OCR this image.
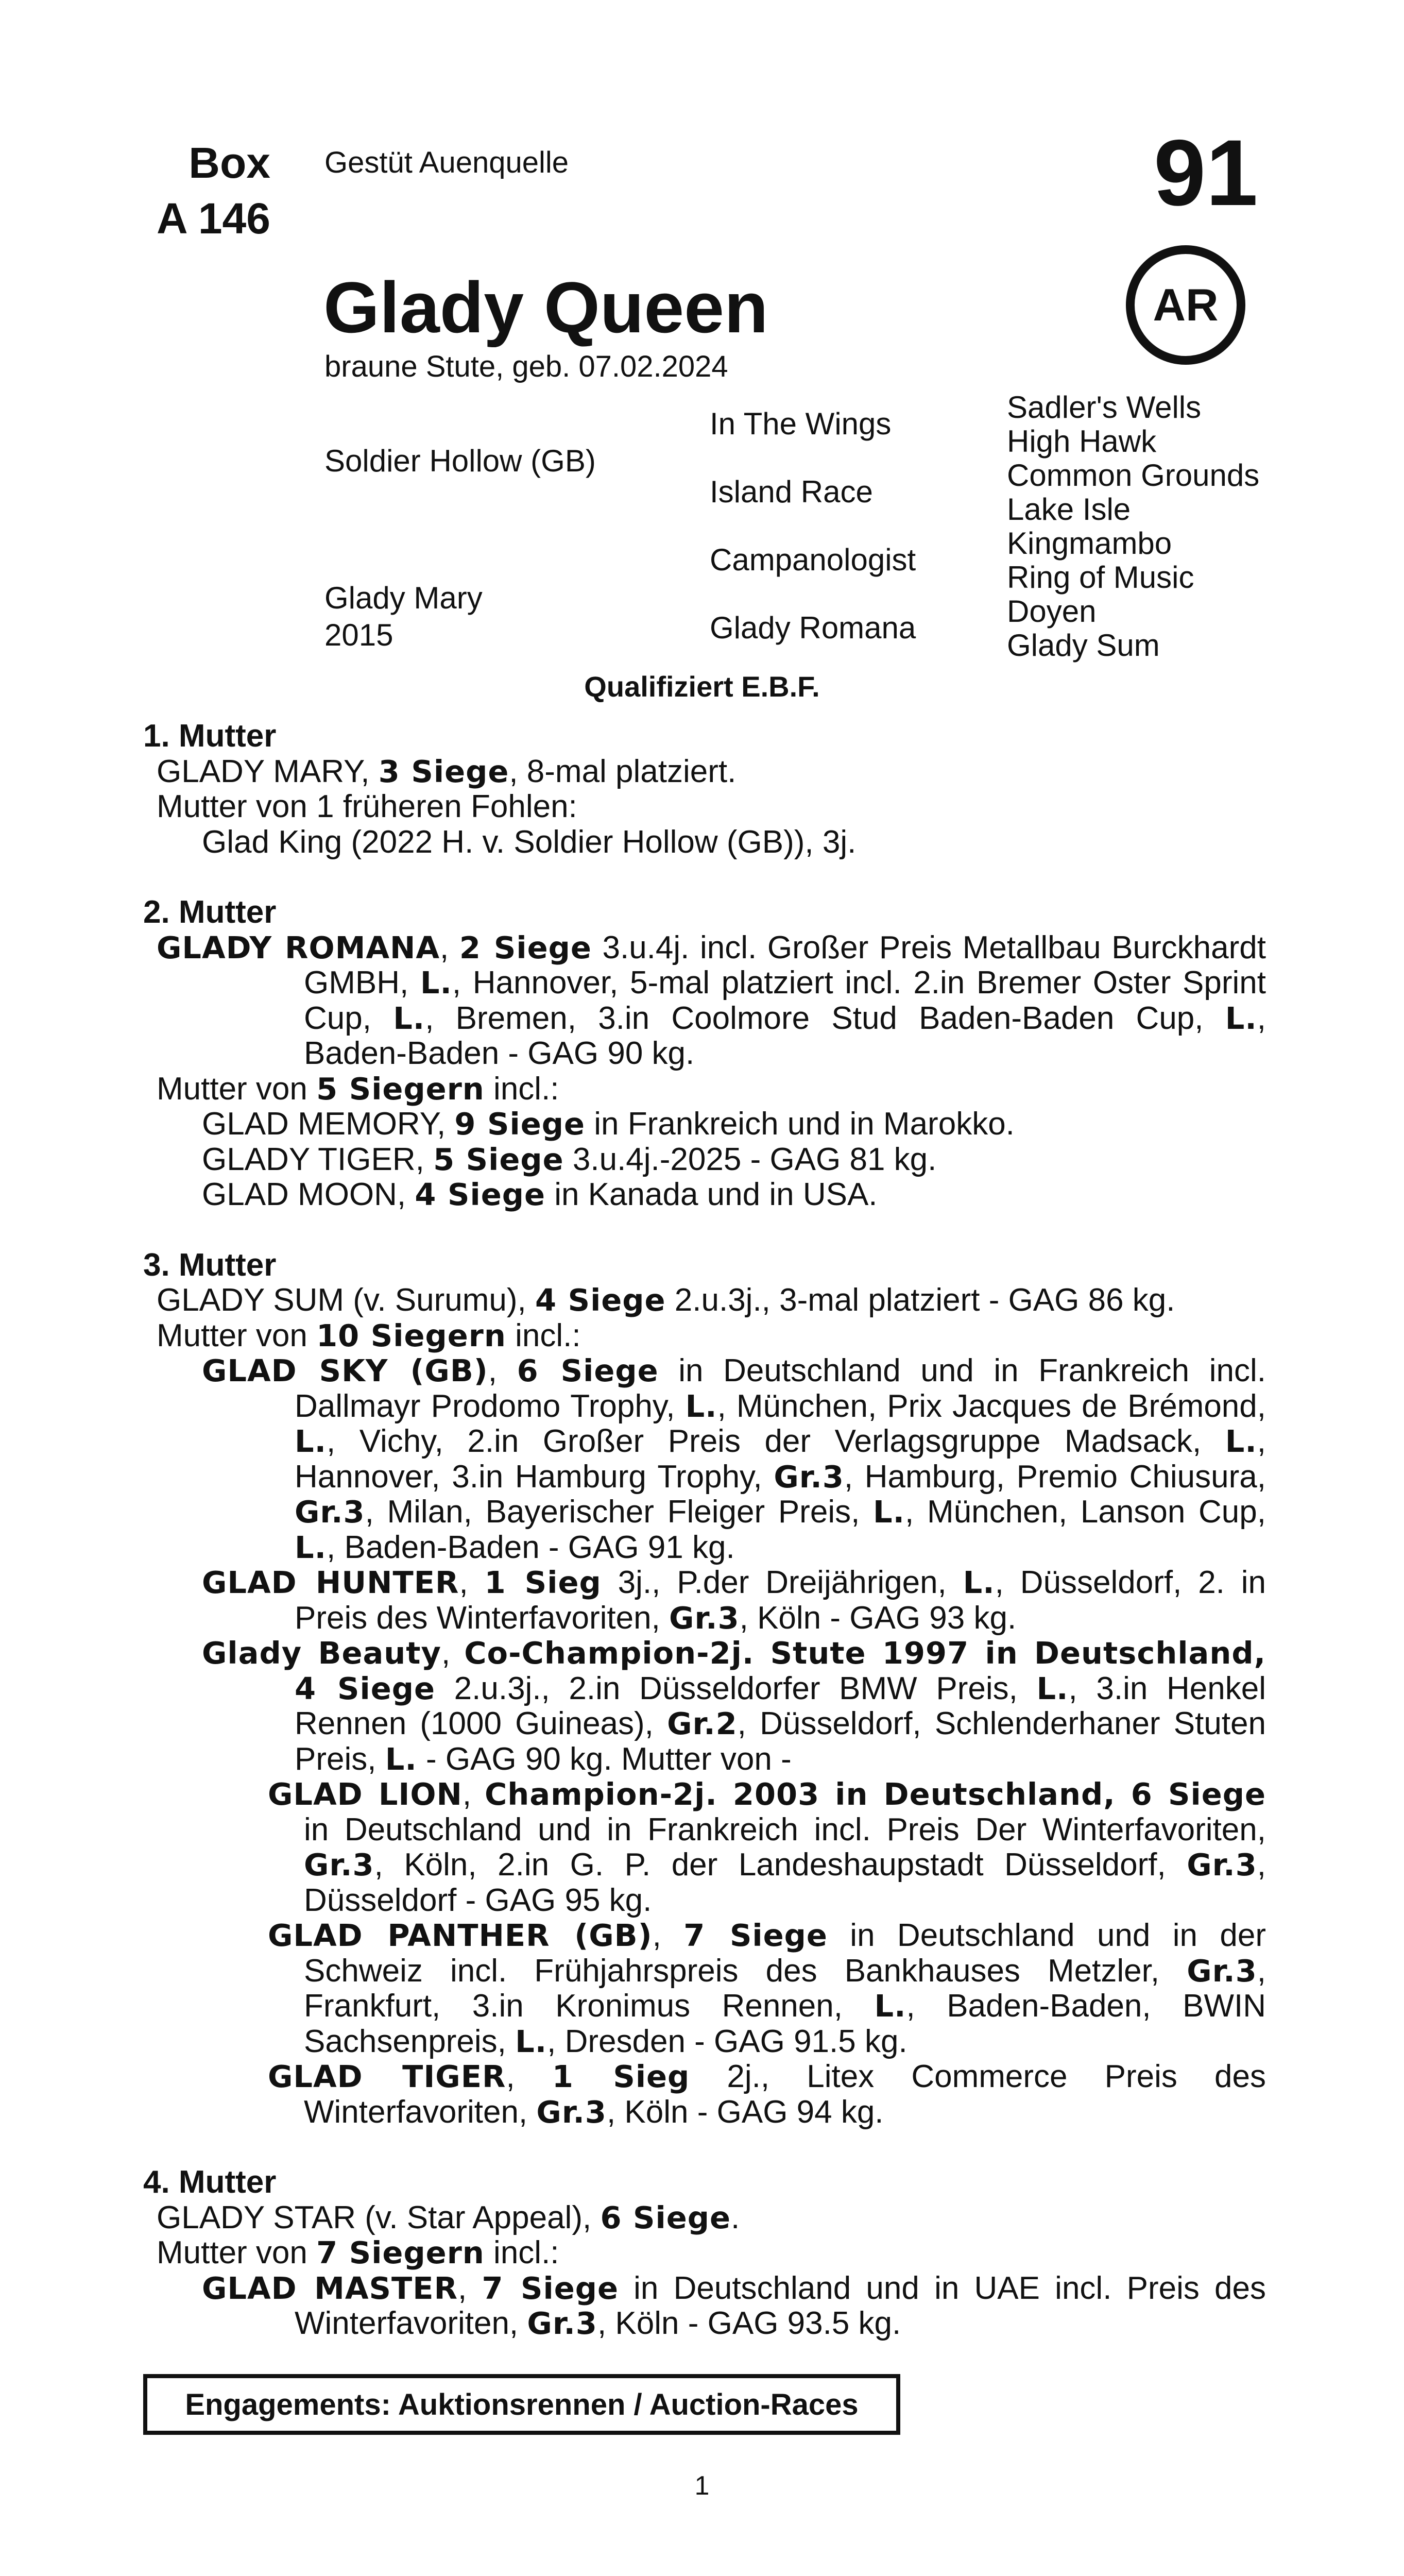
Box
A 146
Gestüt Auenquelle	91
AR
Glady Queen
braune Stute, geb. 07.02.2024
Soldier Hollow (GB)
Glady Mary
2015
In The Wings
Island Race
Campanologist
Glady Romana
Sadler's Wells
High Hawk
Common Grounds
Lake Isle
Kingmambo
Ring of Music
Doyen
Glady Sum
Qualifiziert E.B.F.
1. Mutter
GLADY MARY, 3 Siege, 8-mal platziert.
Mutter von 1 früheren Fohlen:
Glad King (2022 H. v. Soldier Hollow (GB)), 3j.
2. Mutter
GLADY ROMANA, 2 Siege 3.u.4j. incl. Großer Preis Metallbau Burckhardt GMBH, L., Hannover, 5-mal platziert incl. 2.in Bremer Oster Sprint Cup, L., Bremen, 3.in Coolmore Stud Baden-Baden Cup, L., Baden-Baden - GAG 90 kg.
Mutter von 5 Siegern incl.:
GLAD MEMORY, 9 Siege in Frankreich und in Marokko.
GLADY TIGER, 5 Siege 3.u.4j.-2025 - GAG 81 kg.
GLAD MOON, 4 Siege in Kanada und in USA.
3. Mutter
GLADY SUM (v. Surumu), 4 Siege 2.u.3j., 3-mal platziert - GAG 86 kg.
Mutter von 10 Siegern incl.:
GLAD SKY (GB), 6 Siege in Deutschland und in Frankreich incl. Dallmayr Prodomo Trophy, L., München, Prix Jacques de Brémond, L., Vichy, 2.in Großer Preis der Verlagsgruppe Madsack, L., Hannover, 3.in Hamburg Trophy, Gr.3, Hamburg, Premio Chiusura, Gr.3, Milan, Bayerischer Fleiger Preis, L., München, Lanson Cup, L., Baden-Baden - GAG 91 kg.
GLAD HUNTER, 1 Sieg 3j., P.der Dreijährigen, L., Düsseldorf, 2. in Preis des Winterfavoriten, Gr.3, Köln - GAG 93 kg.
Glady Beauty, Co-Champion-2j. Stute 1997 in Deutschland, 4 Siege 2.u.3j., 2.in Düsseldorfer BMW Preis, L., 3.in Henkel Rennen (1000 Guineas), Gr.2, Düsseldorf, Schlenderhaner Stuten Preis, L. - GAG 90 kg. Mutter von -
GLAD LION, Champion-2j. 2003 in Deutschland, 6 Siege in Deutschland und in Frankreich incl. Preis Der Winterfavoriten, Gr.3, Köln, 2.in G. P. der Landeshaupstadt Düsseldorf, Gr.3, Düsseldorf - GAG 95 kg.
GLAD PANTHER (GB), 7 Siege in Deutschland und in der Schweiz incl. Frühjahrspreis des Bankhauses Metzler, Gr.3, Frankfurt, 3.in Kronimus Rennen, L., Baden-Baden, BWIN Sachsenpreis, L., Dresden - GAG 91.5 kg.
GLAD TIGER, 1 Sieg 2j., Litex Commerce Preis des Winterfavoriten, Gr.3, Köln - GAG 94 kg.
4. Mutter
GLADY STAR (v. Star Appeal), 6 Siege.
Mutter von 7 Siegern incl.:
GLAD MASTER, 7 Siege in Deutschland und in UAE incl. Preis des Winterfavoriten, Gr.3, Köln - GAG 93.5 kg.
Engagements: Auktionsrennen / Auction-Races
1
